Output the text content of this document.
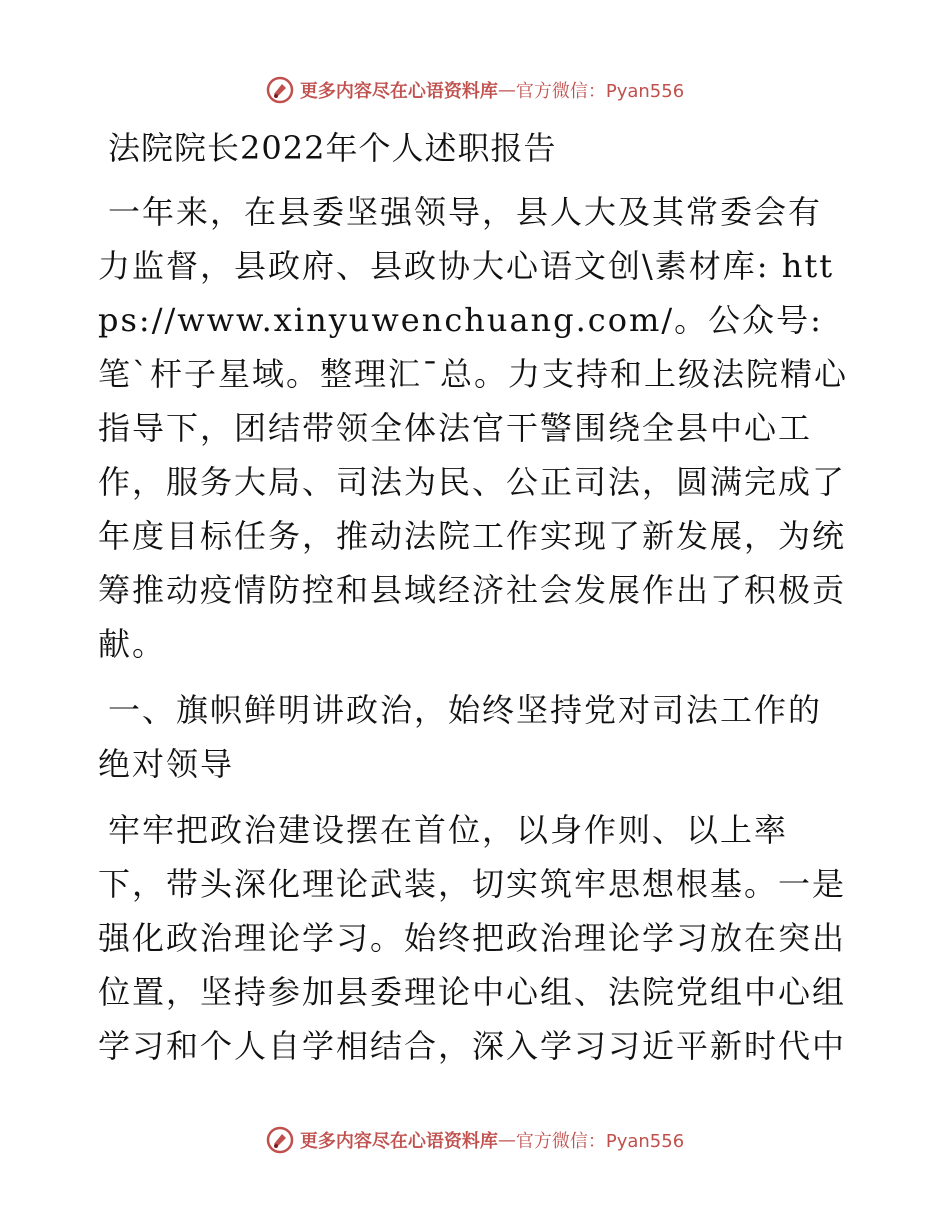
更多内容尽在心语资料库 — 官方微信：Pyan556
法院院长2022年个人述职报告

一年来，在县委坚强领导，县人大及其常委会有力监督，县政府、县政协大心语文创\素材库: https://www.xinyuwenchuang.com/。公众号: 笔`杆子星域。整理汇¯总。力支持和上级法院精心指导下，团结带领全体法官干警围绕全县中心工作，服务大局、司法为民、公正司法，圆满完成了年度目标任务，推动法院工作实现了新发展，为统筹推动疫情防控和县域经济社会发展作出了积极贡献。

一、旗帜鲜明讲政治，始终坚持党对司法工作的绝对领导

牢牢把政治建设摆在首位，以身作则、以上率下，带头深化理论武装，切实筑牢思想根基。一是强化政治理论学习。始终把政治理论学习放在突出位置，坚持参加县委理论中心组、法院党组中心组学习和个人自学相结合，深入学习习近平新时代中

更多内容尽在心语资料库 — 官方微信：Pyan556
